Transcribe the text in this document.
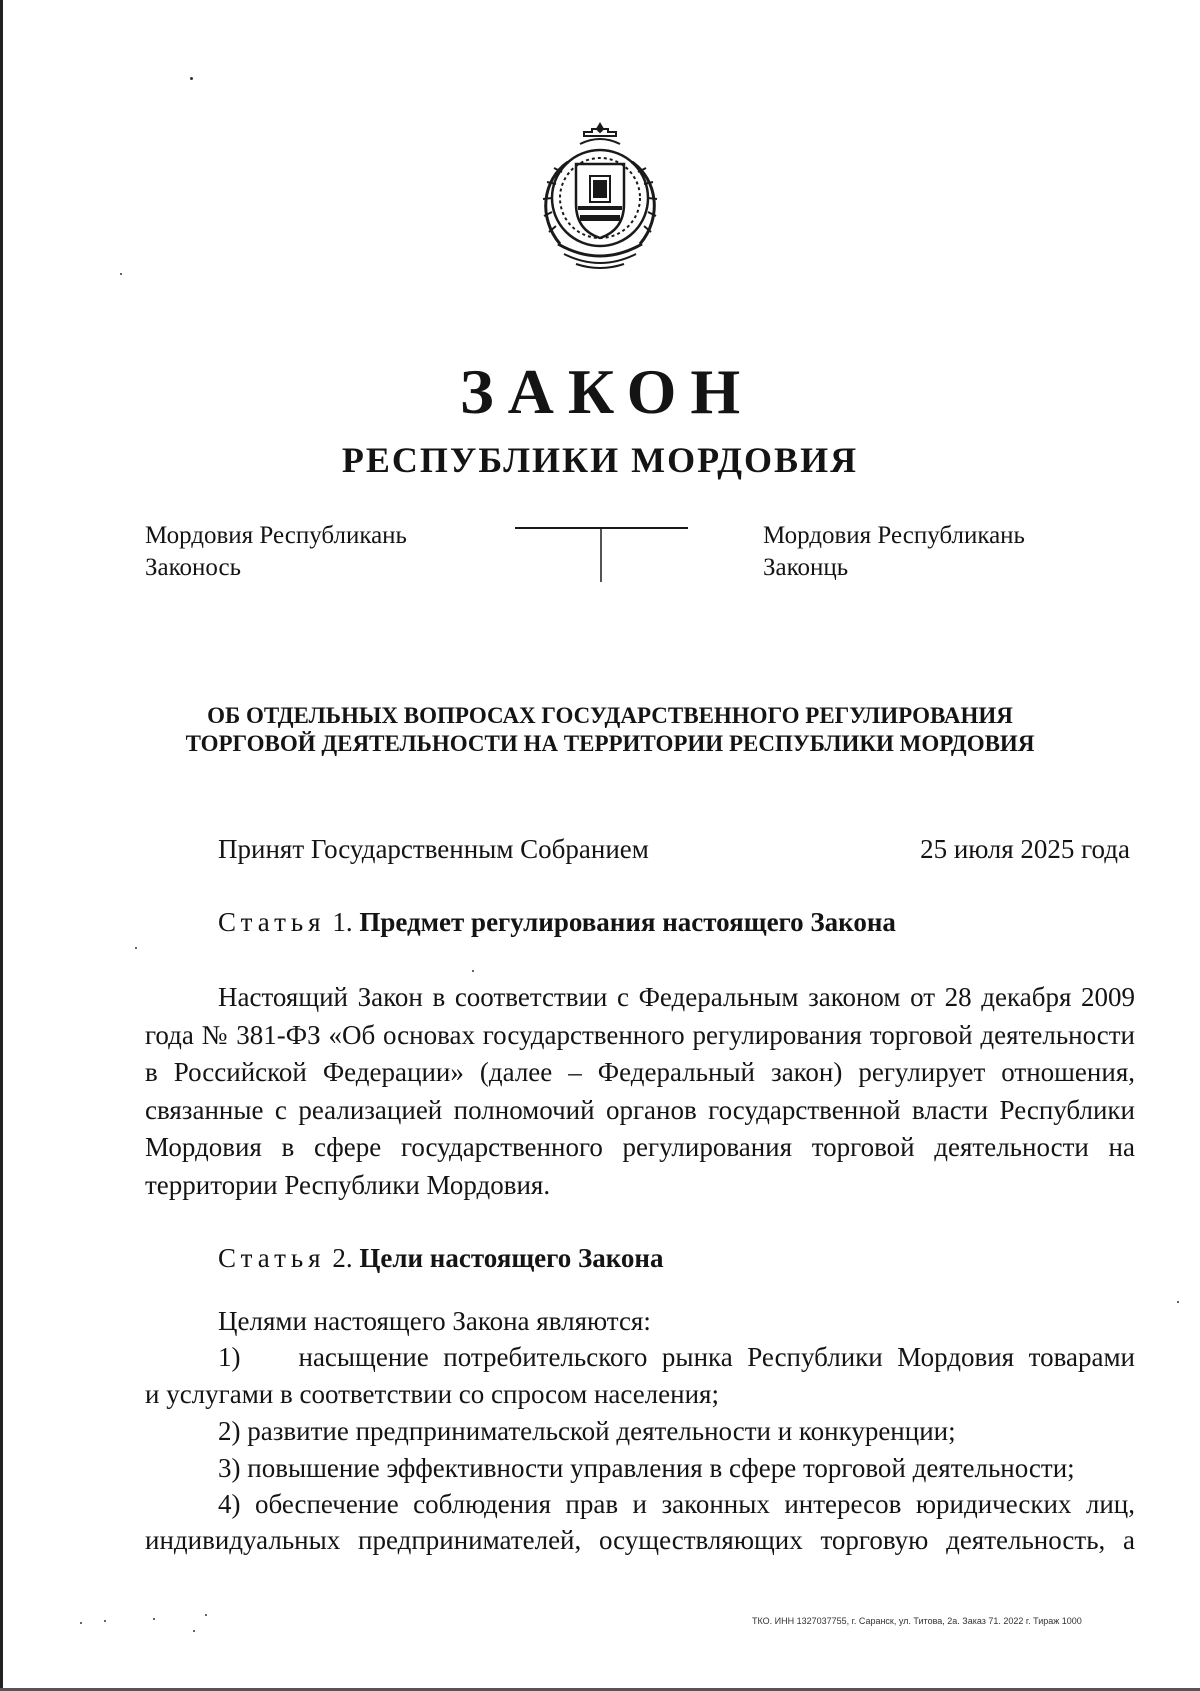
ЗАКОН
РЕСПУБЛИКИ МОРДОВИЯ
Мордовия Республикань
Законось
Мордовия Республикань
Законць
ОБ ОТДЕЛЬНЫХ ВОПРОСАХ ГОСУДАРСТВЕННОГО РЕГУЛИРОВАНИЯ
ТОРГОВОЙ ДЕЯТЕЛЬНОСТИ НА ТЕРРИТОРИИ РЕСПУБЛИКИ МОРДОВИЯ
Принят Государственным Собранием	25 июля 2025 года
Статья 1. Предмет регулирования настоящего Закона

Настоящий Закон в соответствии с Федеральным законом от 28 декабря 2009 года № 381-ФЗ «Об основах государственного регулирования торговой деятельности в Российской Федерации» (далее – Федеральный закон) регулирует отношения, связанные с реализацией полномочий органов государственной власти Республики Мордовия в сфере государственного регулирования торговой деятельности на территории Республики Мордовия.

Статья 2. Цели настоящего Закона

Целями настоящего Закона являются:

1) насыщение потребительского рынка Республики Мордовия товарами

и услугами в соответствии со спросом населения;

2) развитие предпринимательской деятельности и конкуренции;

3) повышение эффективности управления в сфере торговой деятельности;

4) обеспечение соблюдения прав и законных интересов юридических лиц,

индивидуальных предпринимателей, осуществляющих торговую деятельность, а

ТКО. ИНН 1327037755, г. Саранск, ул. Титова, 2а. Заказ 71. 2022 г. Тираж 1000
